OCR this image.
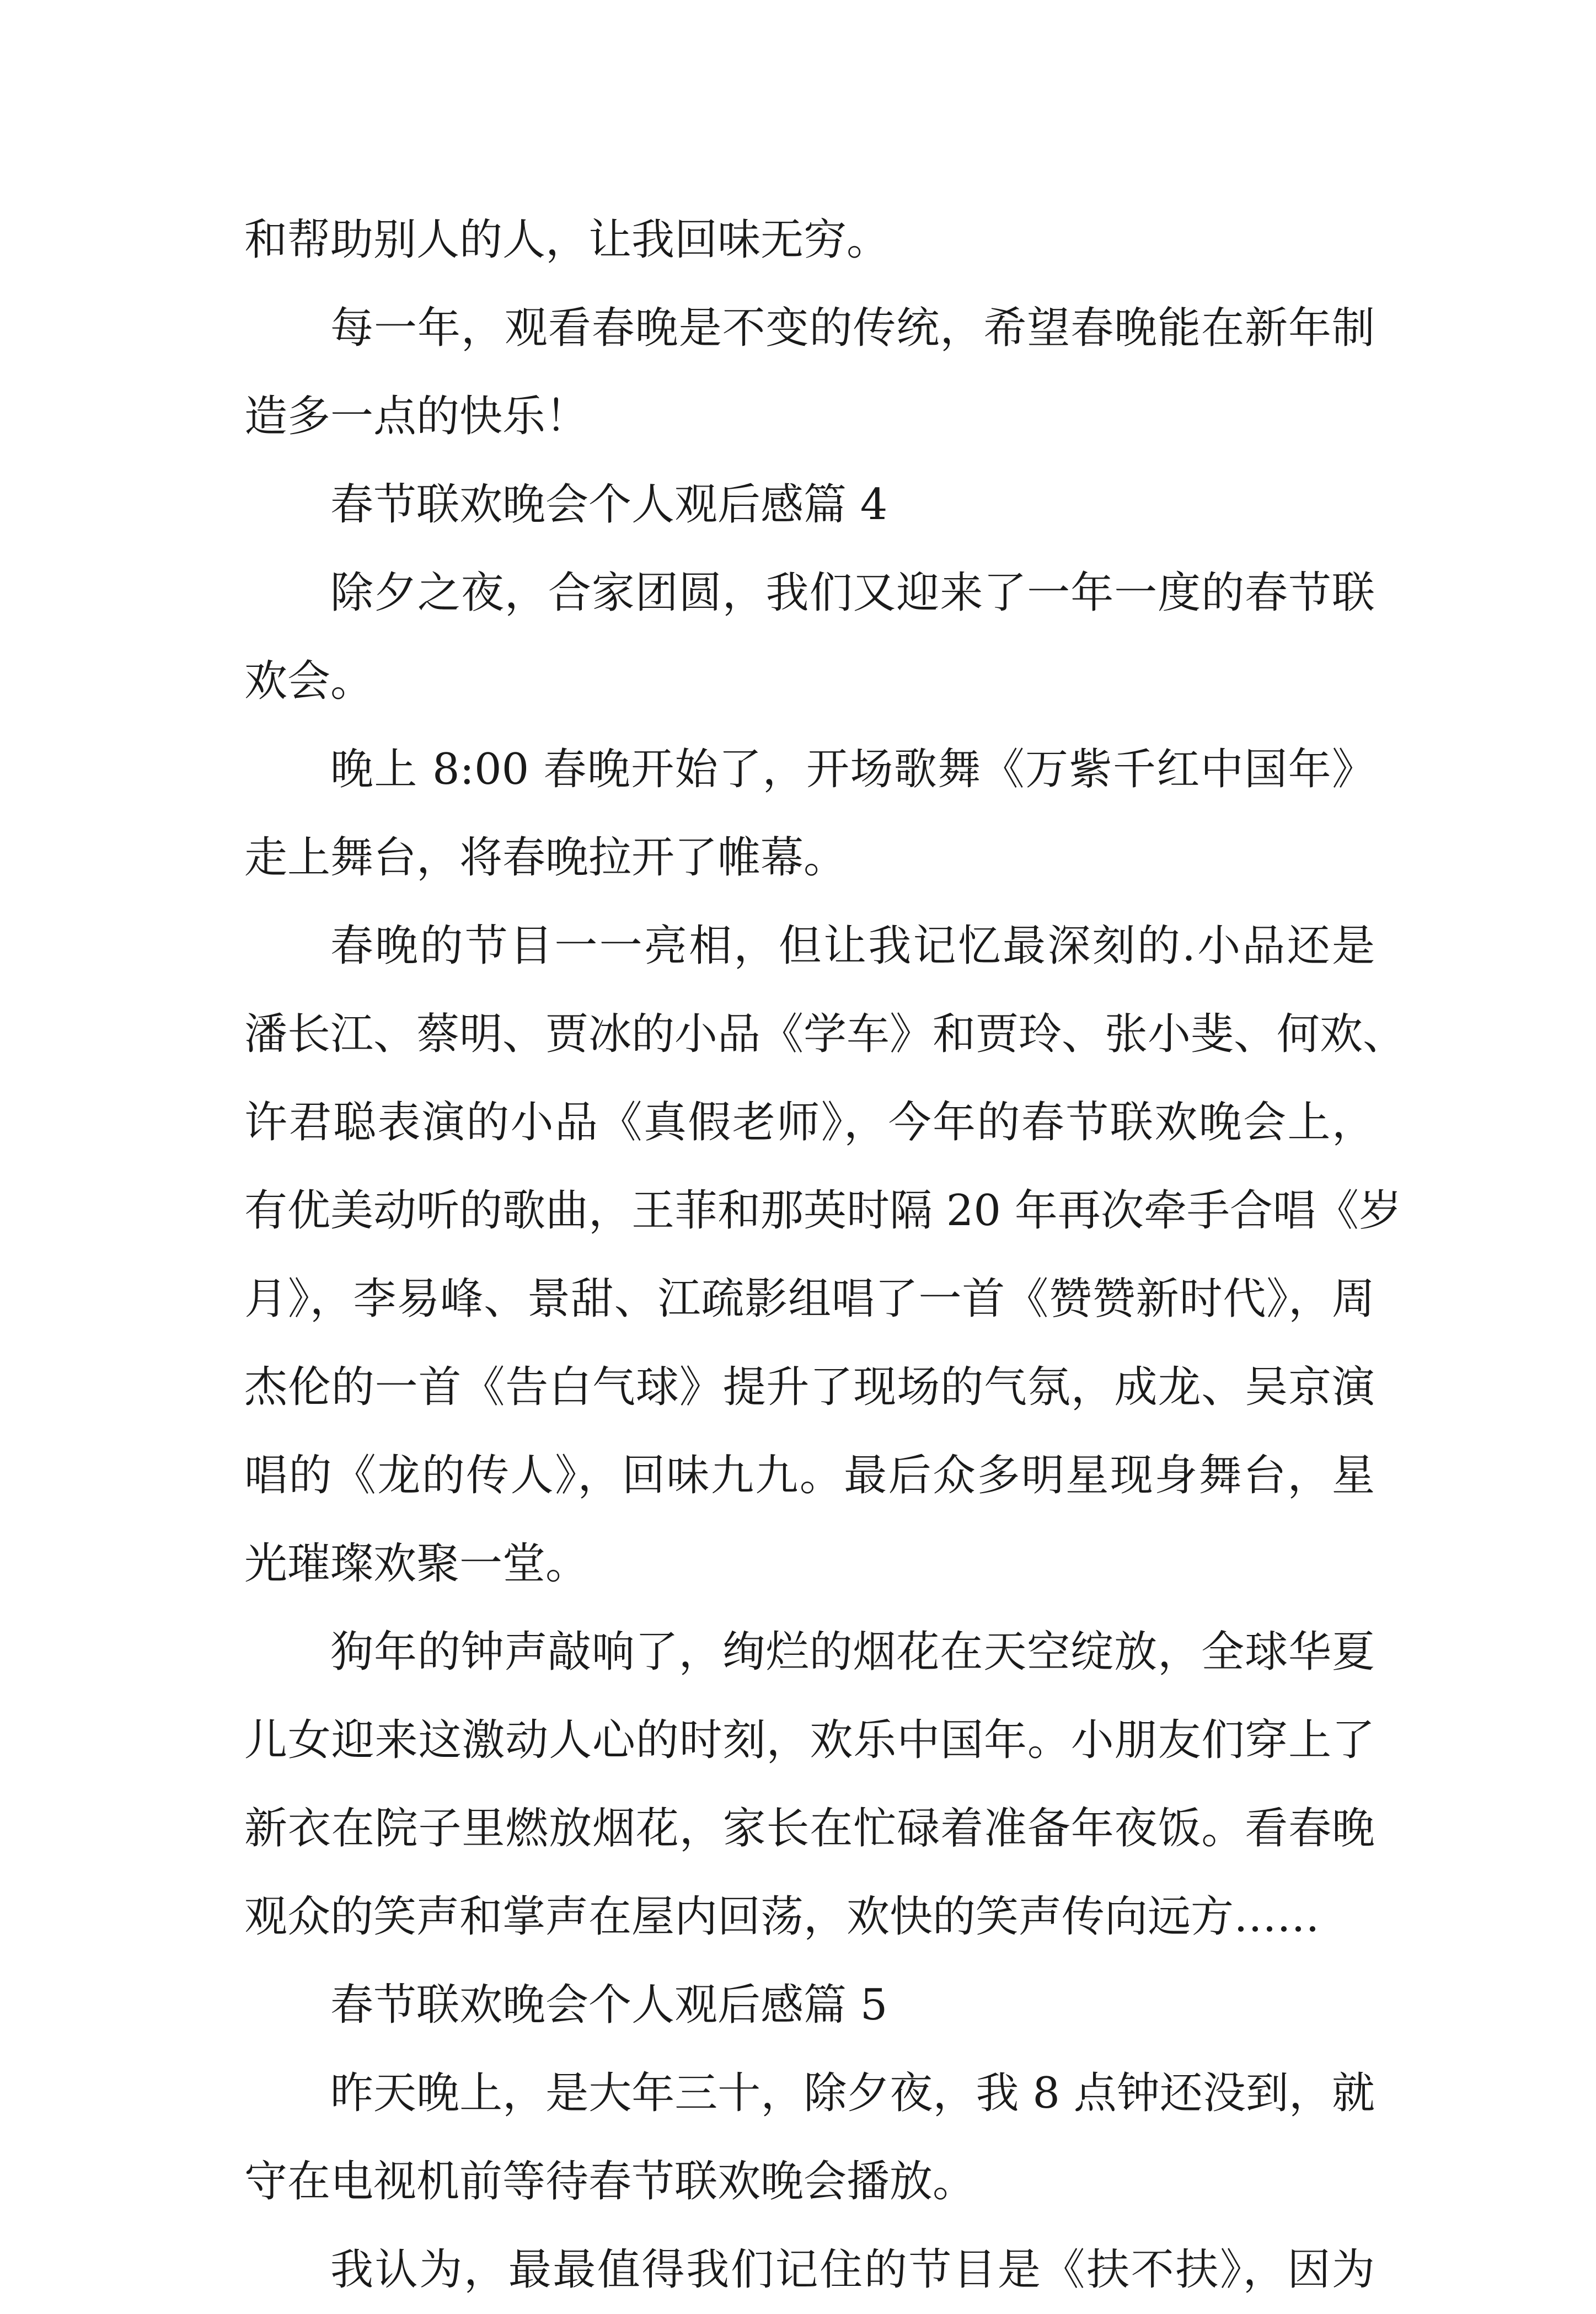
和帮助别人的人，让我回味无穷。
每一年，观看春晚是不变的传统，希望春晚能在新年制
造多一点的快乐！
春节联欢晚会个人观后感篇 4
除夕之夜，合家团圆，我们又迎来了一年一度的春节联
欢会。
晚上 8:00 春晚开始了，开场歌舞《万紫千红中国年》
走上舞台，将春晚拉开了帷幕。
春晚的节目一一亮相，但让我记忆最深刻的.小品还是
潘长江、蔡明、贾冰的小品《学车》和贾玲、张小斐、何欢、
许君聪表演的小品《真假老师》，今年的春节联欢晚会上，
有优美动听的歌曲，王菲和那英时隔 20 年再次牵手合唱《岁
月》，李易峰、景甜、江疏影组唱了一首《赞赞新时代》，周
杰伦的一首《告白气球》提升了现场的气氛，成龙、吴京演
唱的《龙的传人》，回味九九。最后众多明星现身舞台，星
光璀璨欢聚一堂。
狗年的钟声敲响了，绚烂的烟花在天空绽放，全球华夏
儿女迎来这激动人心的时刻，欢乐中国年。小朋友们穿上了
新衣在院子里燃放烟花，家长在忙碌着准备年夜饭。看春晚
观众的笑声和掌声在屋内回荡，欢快的笑声传向远方……
春节联欢晚会个人观后感篇 5
昨天晚上，是大年三十，除夕夜，我 8 点钟还没到，就
守在电视机前等待春节联欢晚会播放。
我认为，最最值得我们记住的节目是《扶不扶》，因为
